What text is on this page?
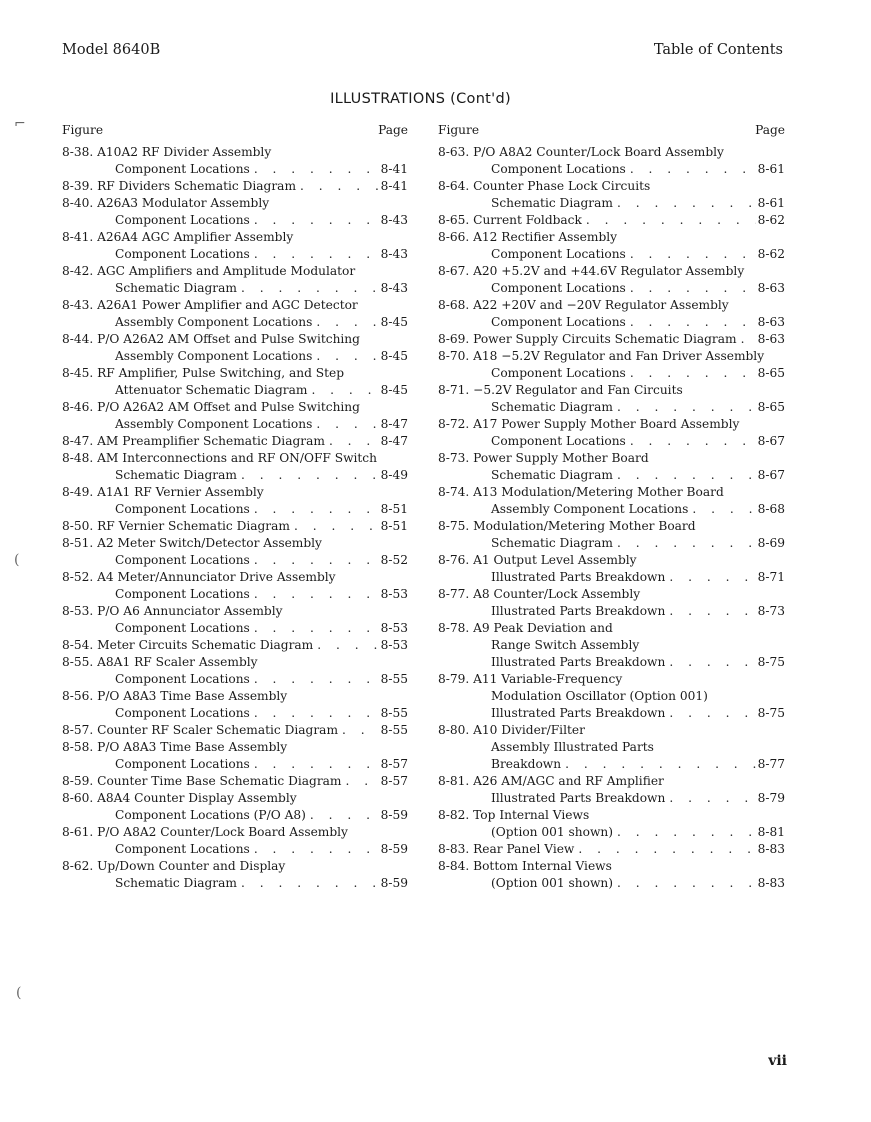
Model 8640B	Table of Contents
ILLUSTRATIONS (Cont'd)
Figure	Page
8-38. A10A2 RF Divider Assembly
Component Locations . . .	8-41
8-39. RF Dividers Schematic Diagram . . .	8-41
8-40. A26A3 Modulator Assembly
Component Locations . . .	8-43
8-41. A26A4 AGC Amplifier Assembly
Component Locations . . .	8-43
8-42. AGC Amplifiers and Amplitude Modulator
Schematic Diagram . . .	8-43
8-43. A26A1 Power Amplifier and AGC Detector
Assembly Component Locations . . .	8-45
8-44. P/O A26A2 AM Offset and Pulse Switching
Assembly Component Locations . . .	8-45
8-45. RF Amplifier, Pulse Switching, and Step
Attenuator Schematic Diagram . . .	8-45
8-46. P/O A26A2 AM Offset and Pulse Switching
Assembly Component Locations . . .	8-47
8-47. AM Preamplifier Schematic Diagram . . .	8-47
8-48. AM Interconnections and RF ON/OFF Switch
Schematic Diagram . . .	8-49
8-49. A1A1 RF Vernier Assembly
Component Locations . . .	8-51
8-50. RF Vernier Schematic Diagram . . .	8-51
8-51. A2 Meter Switch/Detector Assembly
Component Locations . . .	8-52
8-52. A4 Meter/Annunciator Drive Assembly
Component Locations . . .	8-53
8-53. P/O A6 Annunciator Assembly
Component Locations . . .	8-53
8-54. Meter Circuits Schematic Diagram . . .	8-53
8-55. A8A1 RF Scaler Assembly
Component Locations . . .	8-55
8-56. P/O A8A3 Time Base Assembly
Component Locations . . .	8-55
8-57. Counter RF Scaler Schematic Diagram . . .	8-55
8-58. P/O A8A3 Time Base Assembly
Component Locations . . .	8-57
8-59. Counter Time Base Schematic Diagram . . .	8-57
8-60. A8A4 Counter Display Assembly
Component Locations (P/O A8) . . .	8-59
8-61. P/O A8A2 Counter/Lock Board Assembly
Component Locations . . .	8-59
8-62. Up/Down Counter and Display
Schematic Diagram . . .	8-59
Figure	Page
8-63. P/O A8A2 Counter/Lock Board Assembly
Component Locations . . .	8-61
8-64. Counter Phase Lock Circuits
Schematic Diagram . . .	8-61
8-65. Current Foldback . . .	8-62
8-66. A12 Rectifier Assembly
Component Locations . . .	8-62
8-67. A20 +5.2V and +44.6V Regulator Assembly
Component Locations . . .	8-63
8-68. A22 +20V and −20V Regulator Assembly
Component Locations . . .	8-63
8-69. Power Supply Circuits Schematic Diagram . . . 8-63
8-70. A18 −5.2V Regulator and Fan Driver Assembly
Component Locations . . .	8-65
8-71. −5.2V Regulator and Fan Circuits
Schematic Diagram . . .	8-65
8-72. A17 Power Supply Mother Board Assembly
Component Locations . . .	8-67
8-73. Power Supply Mother Board
Schematic Diagram . . .	8-67
8-74. A13 Modulation/Metering Mother Board
Assembly Component Locations . . .	8-68
8-75. Modulation/Metering Mother Board
Schematic Diagram . . .	8-69
8-76. A1 Output Level Assembly
Illustrated Parts Breakdown . . .	8-71
8-77. A8 Counter/Lock Assembly
Illustrated Parts Breakdown . . .	8-73
8-78. A9 Peak Deviation and
Range Switch Assembly
Illustrated Parts Breakdown . . .	8-75
8-79. A11 Variable-Frequency
Modulation Oscillator (Option 001)
Illustrated Parts Breakdown . . .	8-75
8-80. A10 Divider/Filter
Assembly Illustrated Parts
Breakdown . . .	8-77
8-81. A26 AM/AGC and RF Amplifier
Illustrated Parts Breakdown . . .	8-79
8-82. Top Internal Views
(Option 001 shown) . . .	8-81
8-83. Rear Panel View . . .	8-83
8-84. Bottom Internal Views
(Option 001 shown) . . .	8-83
vii
⌐
(
(
